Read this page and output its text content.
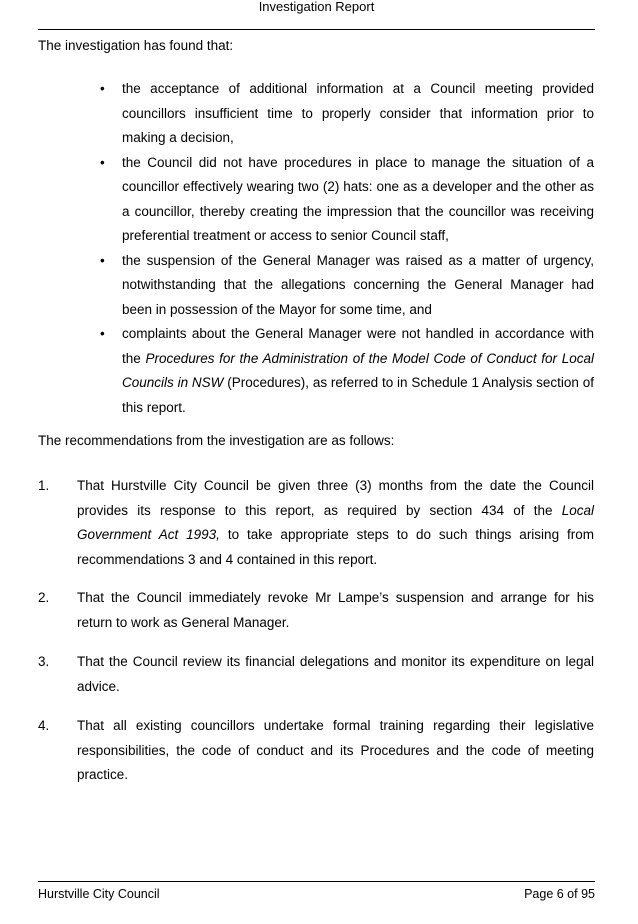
Investigation Report

The investigation has found that:

•	the acceptance of additional information at a Council meeting provided councillors insufficient time to properly consider that information prior to making a decision,
•	the Council did not have procedures in place to manage the situation of a councillor effectively wearing two (2) hats: one as a developer and the other as a councillor, thereby creating the impression that the councillor was receiving preferential treatment or access to senior Council staff,
•	the suspension of the General Manager was raised as a matter of urgency, notwithstanding that the allegations concerning the General Manager had been in possession of the Mayor for some time, and
•	complaints about the General Manager were not handled in accordance with the Procedures for the Administration of the Model Code of Conduct for Local Councils in NSW (Procedures), as referred to in Schedule 1 Analysis section of this report.

The recommendations from the investigation are as follows:

1.	That Hurstville City Council be given three (3) months from the date the Council provides its response to this report, as required by section 434 of the Local Government Act 1993, to take appropriate steps to do such things arising from recommendations 3 and 4 contained in this report.
2.	That the Council immediately revoke Mr Lampe’s suspension and arrange for his return to work as General Manager.
3.	That the Council review its financial delegations and monitor its expenditure on legal advice.
4.	That all existing councillors undertake formal training regarding their legislative responsibilities, the code of conduct and its Procedures and the code of meeting practice.
Hurstville City Council	Page 6 of 95
